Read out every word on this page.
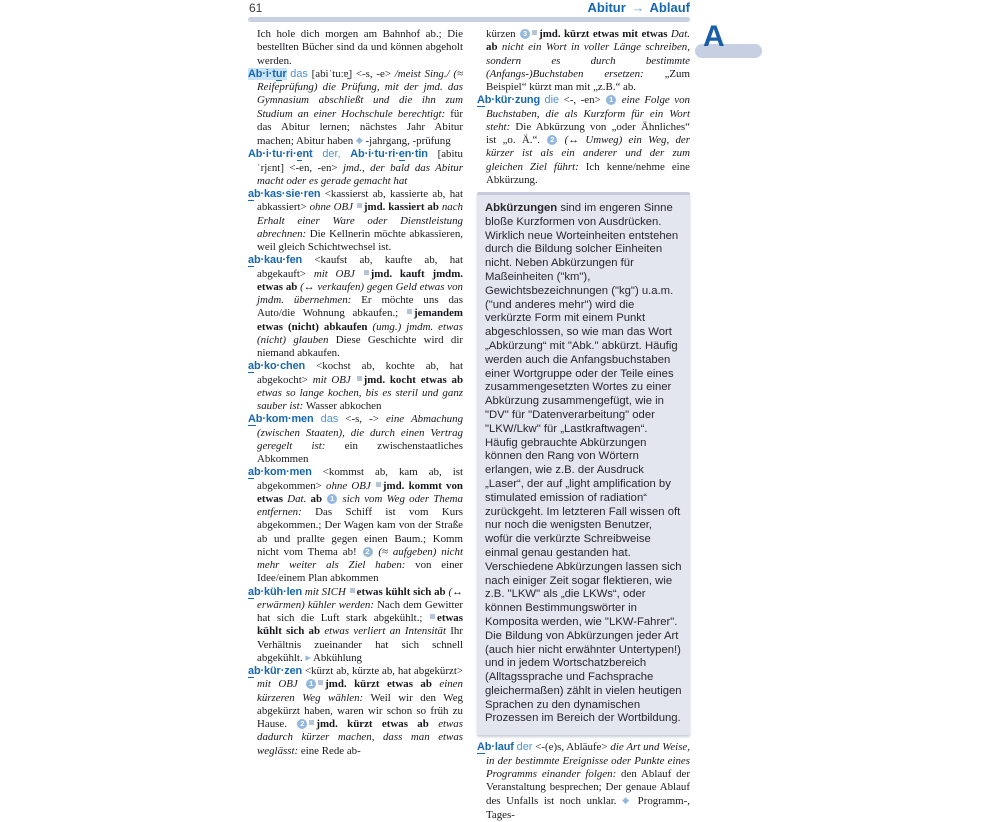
61	Abitur → Ablauf

Ich hole dich morgen am Bahnhof ab.; Die bestellten Bücher sind da und können abgeholt werden.

Ab·i·tur das [abiˈtuːɐ̯] <-s, -e> /meist Sing./ (≈ Reifeprüfung) die Prüfung, mit der jmd. das Gymnasium abschließt und die ihn zum Studium an einer Hochschule berechtigt: für das Abitur lernen; nächstes Jahr Abitur machen; Abitur haben ◆ -jahrgang, -prüfung

Ab·i·tu·ri·ent der, Ab·i·tu·ri·en·tin [abituˈrjɛnt] <-en, -en> jmd., der bald das Abitur macht oder es gerade gemacht hat

ab·kas·sie·ren <kassierst ab, kassierte ab, hat abkassiert> ohne OBJ jmd. kassiert ab nach Erhalt einer Ware oder Dienstleistung abrechnen: Die Kellnerin möchte abkassieren, weil gleich Schichtwechsel ist.

ab·kau·fen <kaufst ab, kaufte ab, hat abgekauft> mit OBJ jmd. kauft jmdm. etwas ab (↔ verkaufen) gegen Geld etwas von jmdm. übernehmen: Er möchte uns das Auto/die Wohnung abkaufen.; jemandem etwas (nicht) abkaufen (umg.) jmdm. etwas (nicht) glauben Diese Geschichte wird dir niemand abkaufen.

ab·ko·chen <kochst ab, kochte ab, hat abgekocht> mit OBJ jmd. kocht etwas ab etwas so lange kochen, bis es steril und ganz sauber ist: Wasser abkochen

Ab·kom·men das <-s, -> eine Abmachung (zwischen Staaten), die durch einen Vertrag geregelt ist: ein zwischenstaatliches Abkommen

ab·kom·men <kommst ab, kam ab, ist abgekommen> ohne OBJ jmd. kommt von etwas Dat. ab 1 sich vom Weg oder Thema entfernen: Das Schiff ist vom Kurs abgekommen.; Der Wagen kam von der Straße ab und prallte gegen einen Baum.; Komm nicht vom Thema ab! 2 (≈ aufgeben) nicht mehr weiter als Ziel haben: von einer Idee/einem Plan abkommen

ab·küh·len mit SICH etwas kühlt sich ab (↔ erwärmen) kühler werden: Nach dem Gewitter hat sich die Luft stark abgekühlt.; etwas kühlt sich ab etwas verliert an Intensität Ihr Verhältnis zueinander hat sich schnell abgekühlt. ▸ Abkühlung

ab·kür·zen <kürzt ab, kürzte ab, hat abgekürzt> mit OBJ 1 jmd. kürzt etwas ab einen kürzeren Weg wählen: Weil wir den Weg abgekürzt haben, waren wir schon so früh zu Hause. 2 jmd. kürzt etwas ab etwas dadurch kürzer machen, dass man etwas weglässt: eine Rede ab-

kürzen 3 jmd. kürzt etwas mit etwas Dat. ab nicht ein Wort in voller Länge schreiben, sondern es durch bestimmte (Anfangs-)Buchstaben ersetzen: „Zum Beispiel“ kürzt man mit „z.B.“ ab.

Ab·kür·zung die <-, -en> 1 eine Folge von Buchstaben, die als Kurzform für ein Wort steht: Die Abkürzung von „oder Ähnliches“ ist „o. Ä.“. 2 (↔ Umweg) ein Weg, der kürzer ist als ein anderer und der zum gleichen Ziel führt: Ich kenne/nehme eine Abkürzung.

Abkürzungen sind im engeren Sinne bloße Kurzformen von Ausdrücken. Wirklich neue Worteinheiten entstehen durch die Bildung solcher Einheiten nicht. Neben Abkürzungen für Maßeinheiten ("km"), Gewichtsbezeichnungen ("kg") u.a.m. ("und anderes mehr") wird die verkürzte Form mit einem Punkt abgeschlossen, so wie man das Wort „Abkürzung“ mit "Abk." abkürzt. Häufig werden auch die Anfangsbuchstaben einer Wortgruppe oder der Teile eines zusammengesetzten Wortes zu einer Abkürzung zusammengefügt, wie in "DV" für "Datenverarbeitung" oder "LKW/Lkw" für „Lastkraftwagen“. Häufig gebrauchte Abkürzungen können den Rang von Wörtern erlangen, wie z.B. der Ausdruck „Laser“, der auf „light amplification by stimulated emission of radiation“ zurückgeht. Im letzteren Fall wissen oft nur noch die wenigsten Benutzer, wofür die verkürzte Schreibweise einmal genau gestanden hat. Verschiedene Abkürzungen lassen sich nach einiger Zeit sogar flektieren, wie z.B. "LKW" als „die LKWs“, oder können Bestimmungswörter in Komposita werden, wie "LKW-Fahrer". Die Bildung von Abkürzungen jeder Art (auch hier nicht erwähnter Untertypen!) und in jedem Wortschatzbereich (Alltagssprache und Fachsprache gleichermaßen) zählt in vielen heutigen Sprachen zu den dynamischen Prozessen im Bereich der Wortbildung.

Ab·lauf der <-(e)s, Abläufe> die Art und Weise, in der bestimmte Ereignisse oder Punkte eines Programms einander folgen: den Ablauf der Veranstaltung besprechen; Der genaue Ablauf des Unfalls ist noch unklar. ◆ Programm-, Tages-

A
